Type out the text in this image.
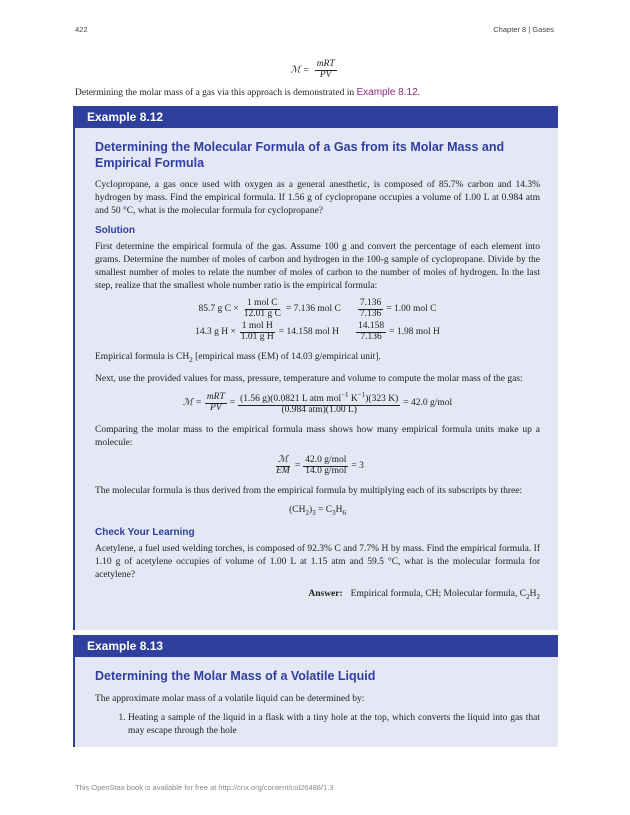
422	Chapter 8 | Gases
ℳ = $\frac{\text{mRT}}{PV}$
Determining the molar mass of a gas via this approach is demonstrated in Example 8.12.
Example 8.12
Determining the Molecular Formula of a Gas from its Molar Mass and Empirical Formula

Cyclopropane, a gas once used with oxygen as a general anesthetic, is composed of 85.7% carbon and 14.3% hydrogen by mass. Find the empirical formula. If 1.56 g of cyclopropane occupies a volume of 1.00 L at 0.984 atm and 50 °C, what is the molecular formula for cyclopropane?

Solution

First determine the empirical formula of the gas. Assume 100 g and convert the percentage of each element into grams. Determine the number of moles of carbon and hydrogen in the 100-g sample of cyclopropane. Divide by the smallest number of moles to relate the number of moles of carbon to the number of moles of hydrogen. In the last step, realize that the smallest whole number ratio is the empirical formula:

85.7 g $C \times \frac{\text{1 mol C}}{\text{12.01 g C}} = 7.136$ mol C $\frac{7.136}{7.136} = 1.00$ mol C
14.3 g $H \times \frac{\text{1 mol H}}{\text{1.01 g H}} = 14.158$ mol H $\frac{14.158}{7.136} = 1.98$ mol H

Empirical formula is $CH_2$ [empirical mass (EM) of 14.03 g/empirical unit].

Next, use the provided values for mass, pressure, temperature and volume to compute the molar mass of the gas:

ℳ = $\frac{\text{mRT}}{PV} = \frac{(1.56 g)(0.0821 L atm mol^{-1} K^{-1})(323 K)}{\text{(0.984 atm)(1.00 L)}} = 42.0$ g/mol

Comparing the molar mass to the empirical formula mass shows how many empirical formula units make up a molecule:

$\frac{\text{ℳ}}{EM} = \frac{\text{42.0 g/mol}}{\text{14.0 g/mol}} = 3$

The molecular formula is thus derived from the empirical formula by multiplying each of its subscripts by three:

$(CH_2)_3 = C_3H_6$
Check Your Learning

Acetylene, a fuel used welding torches, is composed of 92.3% C and 7.7% H by mass. Find the empirical formula. If 1.10 g of acetylene occupies of volume of 1.00 L at 1.15 atm and 59.5 °C, what is the molecular formula for acetylene?

Answer: Empirical formula, CH; Molecular formula, $C_2H_2$
Example 8.13
Determining the Molar Mass of a Volatile Liquid

The approximate molar mass of a volatile liquid can be determined by:

1. Heating a sample of the liquid in a flask with a tiny hole at the top, which converts the liquid into gas that may escape through the hole
This OpenStax book is available for free at http://cnx.org/content/col26488/1.3
